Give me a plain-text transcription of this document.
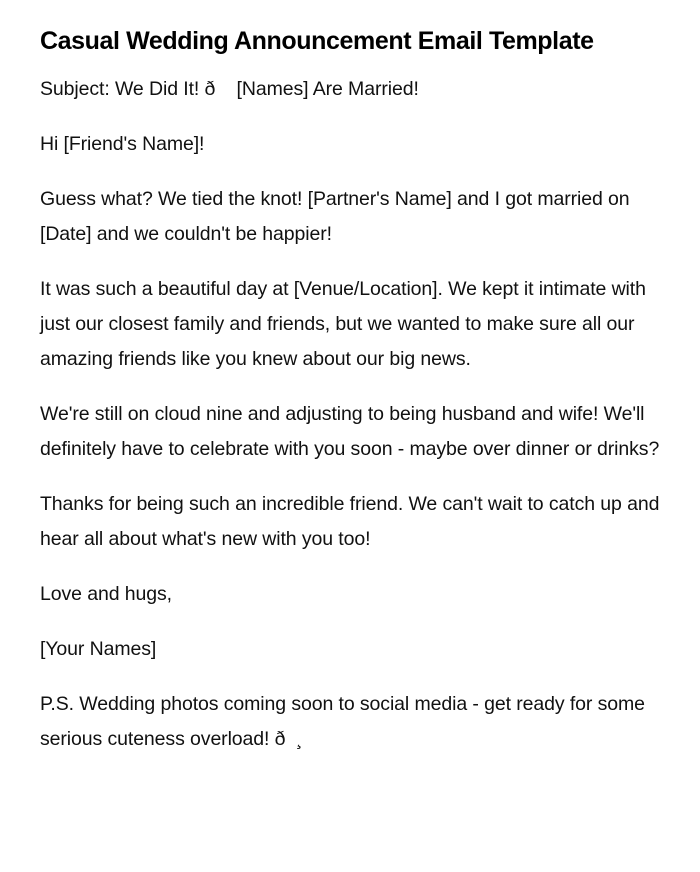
Casual Wedding Announcement Email Template

Subject: We Did It! ð    [Names] Are Married!

Hi [Friend's Name]!

Guess what? We tied the knot! [Partner's Name] and I got married on [Date] and we couldn't be happier!

It was such a beautiful day at [Venue/Location]. We kept it intimate with just our closest family and friends, but we wanted to make sure all our amazing friends like you knew about our big news.

We're still on cloud nine and adjusting to being husband and wife! We'll definitely have to celebrate with you soon - maybe over dinner or drinks?

Thanks for being such an incredible friend. We can't wait to catch up and hear all about what's new with you too!

Love and hugs,

[Your Names]

P.S. Wedding photos coming soon to social media - get ready for some serious cuteness overload! ð  ¸
